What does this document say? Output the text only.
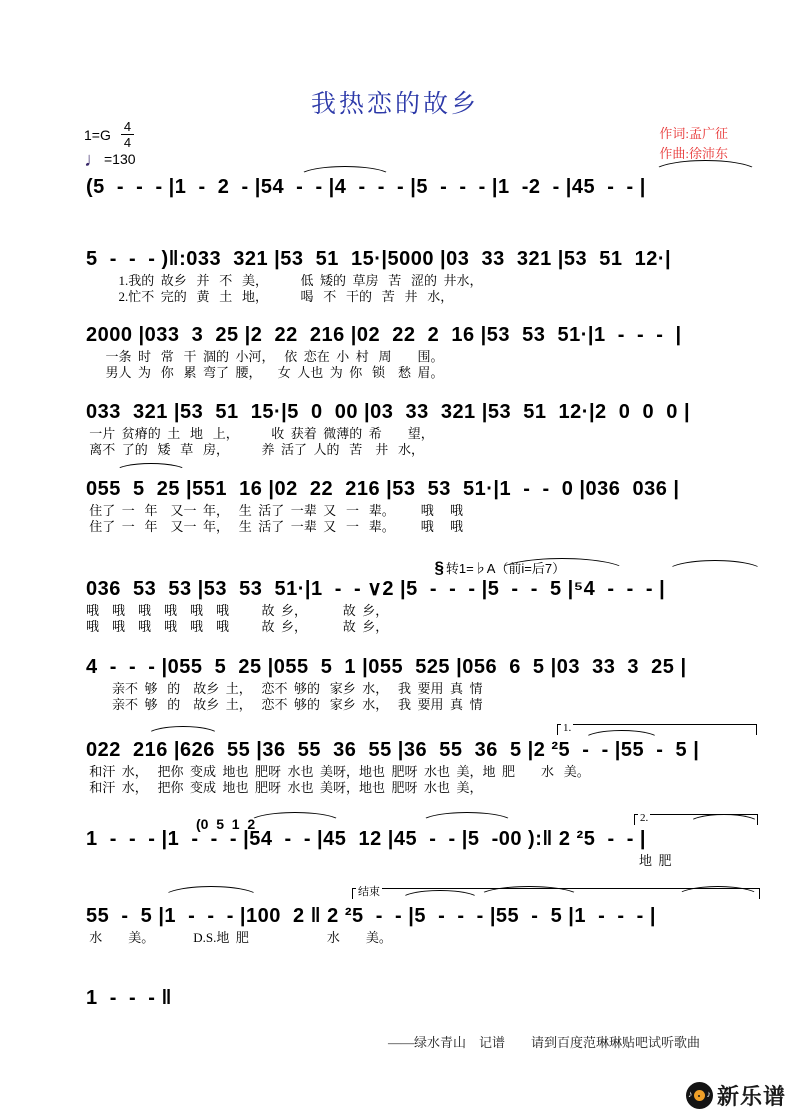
我热恋的故乡
$1=G \frac{4}{4}$
♩=130
作词:孟广征
作曲:徐沛东
(5  -  -  - |1  -  2  - |54  -  - |4  -  -  - |5  -  -  - |1  -2  - |45  -  - |
5  -  -  - )‖:033  321 |53  51  15·|5000 |03  33  321 |53  51  12·|
1.我的  故乡   并   不   美，          低  矮的  草房   苦   涩的  井水，
2.忙不  完的   黄   土   地，          喝   不   干的   苦   井   水，
2000 |033  3  25 |2  22  216 |02  22  2  16 |53  53  51·|1  -  -  -  |
一条  时   常   干  涸的  小河，   依  恋在  小  村   周        围。
男人  为   你   累  弯了  腰，     女  人也  为  你   锁    愁  眉。
033  321 |53  51  15·|5  0  00 |03  33  321 |53  51  12·|2  0  0  0 |
一片  贫瘠的  土   地   上，          收  获着  微薄的  希        望，
离不  了的   矮   草   房，          养  活了  人的   苦    井   水，
055  5  25 |551  16 |02  22  216 |53  53  51·|1  -  -  0 |036  036 |
住了  一   年    又一  年，   生  活了  一辈  又   一   辈。        哦     哦
住了  一   年    又一  年，   生  活了  一辈  又   一   辈。        哦     哦
036  53  53 |53  53  51·|1  -  - ∨2 |5  -  -  - |5  -  -  5 |⁵4  -  -  - |
哦    哦    哦    哦    哦    哦          故  乡，           故  乡，
哦    哦    哦    哦    哦    哦          故  乡，           故  乡，
4  -  -  - |055  5  25 |055  5  1 |055  525 |056  6  5 |03  33  3  25 |
亲不  够   的    故乡  土，   恋不  够的   家乡  水，   我  要用  真  情
亲不  够   的    故乡  土，   恋不  够的   家乡  水，   我  要用  真  情
022  216 |626  55 |36  55  36  55 |36  55  36  5 |2 ²5  -  - |55  -  5 |
和汗  水，   把你  变成  地也  肥呀  水也  美呀，地也  肥呀  水也  美，地  肥        水   美。
和汗  水，   把你  变成  地也  肥呀  水也  美呀，地也  肥呀  水也  美，
1  -  -  - |1  -  -  - |54  -  - |45  12 |45  -  - |5  -00 ):‖ 2 ²5  -  - |
地  肥
55  -  5 |1  -  -  - |100  2 ‖ 2 ²5  -  - |5  -  -  - |55  -  5 |1  -  -  - |
水        美。            D.S.地  肥                        水        美。
1  -  -  - ‖

§ 转1=♭A（前i=后7）

(0  5  1  2
——绿水青山　记谱　　请到百度范琳琳贴吧试听歌曲
♪ ♪ 新乐谱
1.
2.
结束
